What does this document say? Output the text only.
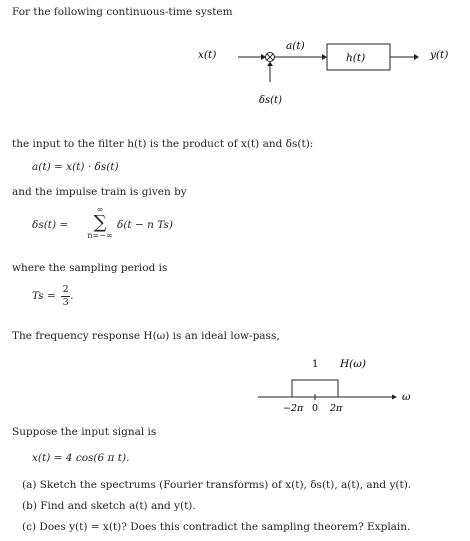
For the following continuous-time system
x(t)
δs(t)
a(t)
h(t)	y(t)
the input to the filter h(t) is the product of x(t) and δs(t):
a(t) = x(t) · δs(t)
and the impulse train is given by
δs(t) =
∞
∑
n=−∞
δ(t − n Ts)
where the sampling period is
$Ts = \frac{2}{3}$ .
The frequency response H(ω) is an ideal low-pass,
1 H(ω)
−2π 0 2π
ω
Suppose the input signal is
x(t) = 4 cos(6 π t).
(a) Sketch the spectrums (Fourier transforms) of x(t), δs(t), a(t), and y(t).
(b) Find and sketch a(t) and y(t).
(c) Does y(t) = x(t)? Does this contradict the sampling theorem? Explain.
